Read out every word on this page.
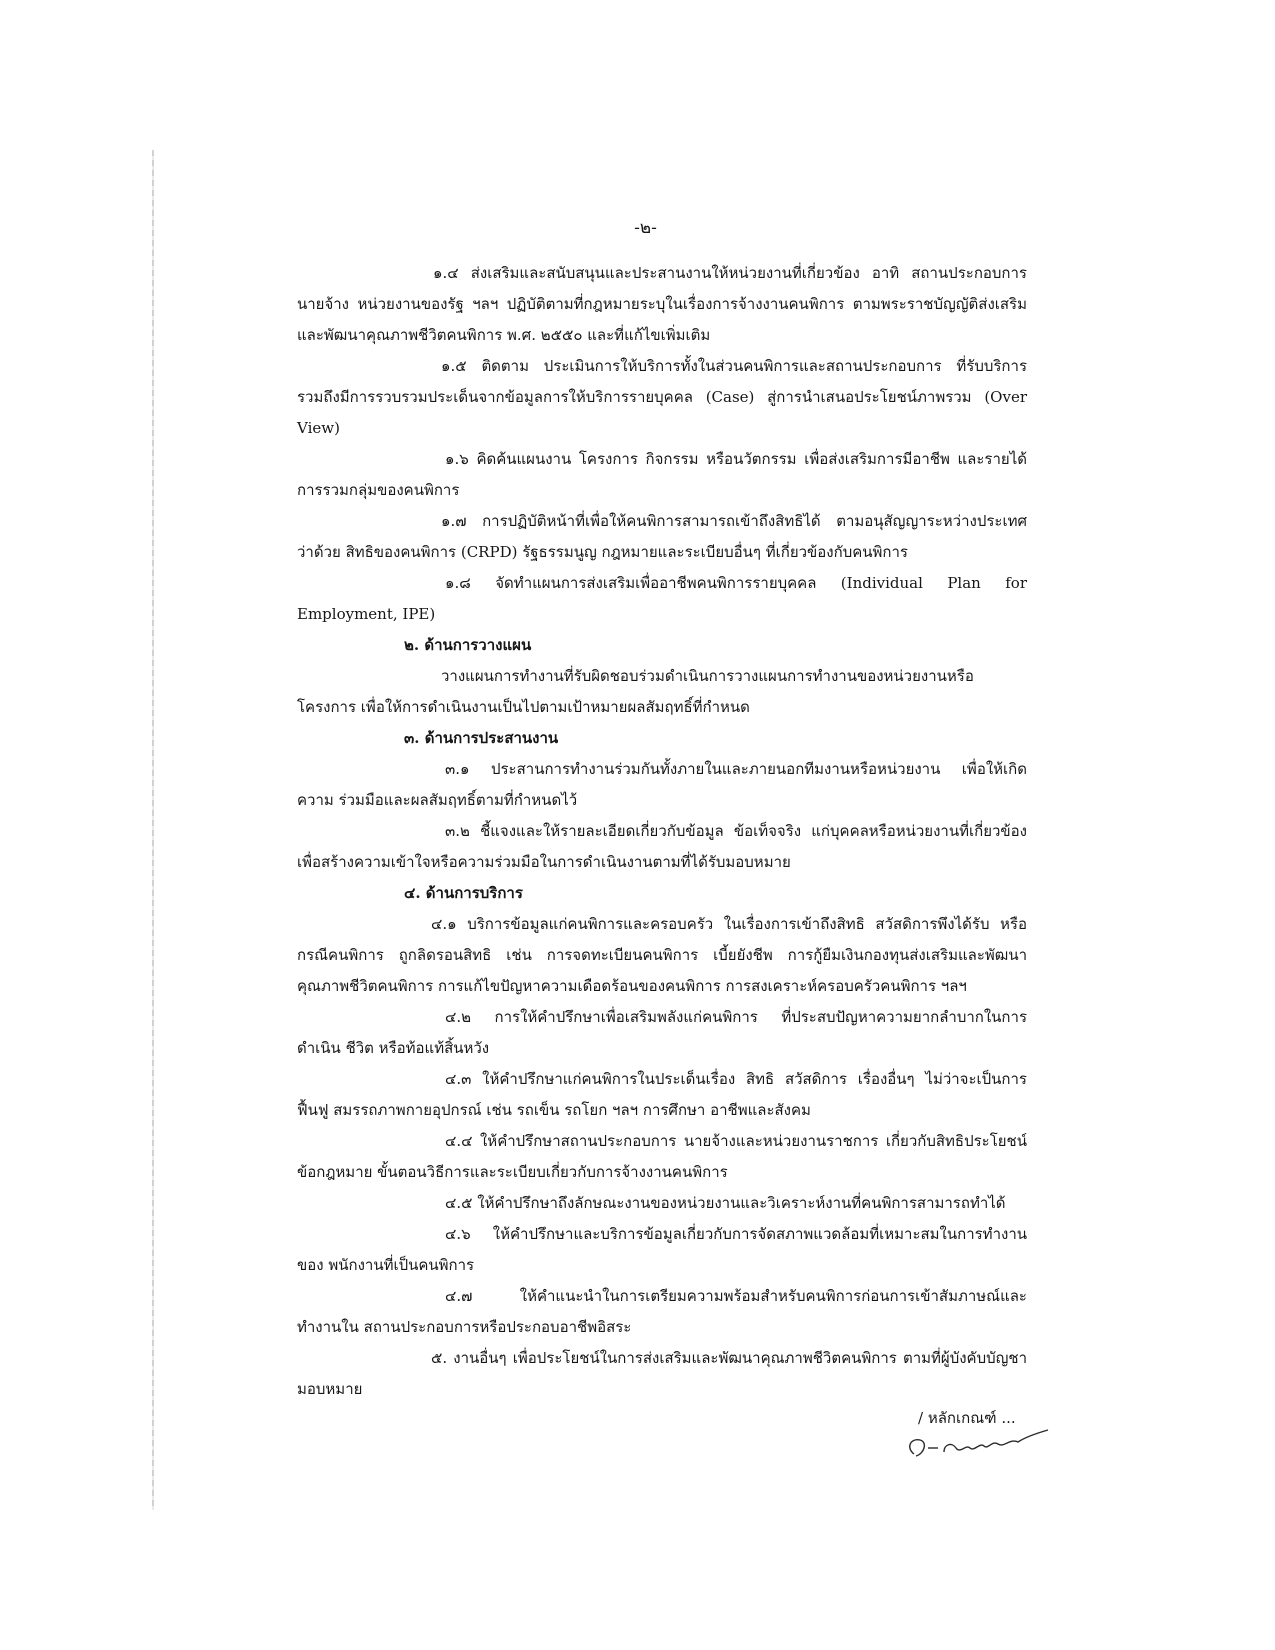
-๒-

๑.๔ ส่งเสริมและสนับสนุนและประสานงานให้หน่วยงานที่เกี่ยวข้อง อาทิ สถานประกอบการ นายจ้าง หน่วยงานของรัฐ ฯลฯ ปฏิบัติตามที่กฎหมายระบุในเรื่องการจ้างงานคนพิการ ตามพระราชบัญญัติส่งเสริม และพัฒนาคุณภาพชีวิตคนพิการ พ.ศ. ๒๕๕๐ และที่แก้ไขเพิ่มเติม

๑.๕ ติดตาม ประเมินการให้บริการทั้งในส่วนคนพิการและสถานประกอบการ ที่รับบริการ รวมถึงมีการรวบรวมประเด็นจากข้อมูลการให้บริการรายบุคคล (Case) สู่การนำเสนอประโยชน์ภาพรวม (Over View)

๑.๖ คิดค้นแผนงาน โครงการ กิจกรรม หรือนวัตกรรม เพื่อส่งเสริมการมีอาชีพ และรายได้ การรวมกลุ่มของคนพิการ

๑.๗ การปฏิบัติหน้าที่เพื่อให้คนพิการสามารถเข้าถึงสิทธิได้ ตามอนุสัญญาระหว่างประเทศ ว่าด้วย สิทธิของคนพิการ (CRPD) รัฐธรรมนูญ กฎหมายและระเบียบอื่นๆ ที่เกี่ยวข้องกับคนพิการ

๑.๘ จัดทำแผนการส่งเสริมเพื่ออาชีพคนพิการรายบุคคล (Individual Plan for Employment, IPE)

๒. ด้านการวางแผน

วางแผนการทำงานที่รับผิดชอบร่วมดำเนินการวางแผนการทำงานของหน่วยงานหรือโครงการ เพื่อให้การดำเนินงานเป็นไปตามเป้าหมายผลสัมฤทธิ์ที่กำหนด

๓. ด้านการประสานงาน

๓.๑ ประสานการทำงานร่วมกันทั้งภายในและภายนอกทีมงานหรือหน่วยงาน เพื่อให้เกิดความ ร่วมมือและผลสัมฤทธิ์ตามที่กำหนดไว้

๓.๒ ชี้แจงและให้รายละเอียดเกี่ยวกับข้อมูล ข้อเท็จจริง แก่บุคคลหรือหน่วยงานที่เกี่ยวข้อง เพื่อสร้างความเข้าใจหรือความร่วมมือในการดำเนินงานตามที่ได้รับมอบหมาย

๔. ด้านการบริการ

๔.๑ บริการข้อมูลแก่คนพิการและครอบครัว ในเรื่องการเข้าถึงสิทธิ สวัสดิการพึงได้รับ หรือ กรณีคนพิการ ถูกลิดรอนสิทธิ เช่น การจดทะเบียนคนพิการ เบี้ยยังชีพ การกู้ยืมเงินกองทุนส่งเสริมและพัฒนา คุณภาพชีวิตคนพิการ การแก้ไขปัญหาความเดือดร้อนของคนพิการ การสงเคราะห์ครอบครัวคนพิการ ฯลฯ

๔.๒ การให้คำปรึกษาเพื่อเสริมพลังแก่คนพิการ ที่ประสบปัญหาความยากลำบากในการดำเนิน ชีวิต หรือท้อแท้สิ้นหวัง

๔.๓ ให้คำปรึกษาแก่คนพิการในประเด็นเรื่อง สิทธิ สวัสดิการ เรื่องอื่นๆ ไม่ว่าจะเป็นการฟื้นฟู สมรรถภาพกายอุปกรณ์ เช่น รถเข็น รถโยก ฯลฯ การศึกษา อาชีพและสังคม

๔.๔ ให้คำปรึกษาสถานประกอบการ นายจ้างและหน่วยงานราชการ เกี่ยวกับสิทธิประโยชน์ ข้อกฎหมาย ขั้นตอนวิธีการและระเบียบเกี่ยวกับการจ้างงานคนพิการ

๔.๕ ให้คำปรึกษาถึงลักษณะงานของหน่วยงานและวิเคราะห์งานที่คนพิการสามารถทำได้

๔.๖ ให้คำปรึกษาและบริการข้อมูลเกี่ยวกับการจัดสภาพแวดล้อมที่เหมาะสมในการทำงานของ พนักงานที่เป็นคนพิการ

๔.๗ ให้คำแนะนำในการเตรียมความพร้อมสำหรับคนพิการก่อนการเข้าสัมภาษณ์และทำงานใน สถานประกอบการหรือประกอบอาชีพอิสระ

๕. งานอื่นๆ เพื่อประโยชน์ในการส่งเสริมและพัฒนาคุณภาพชีวิตคนพิการ ตามที่ผู้บังคับบัญชา มอบหมาย

/ หลักเกณฑ์ ...
